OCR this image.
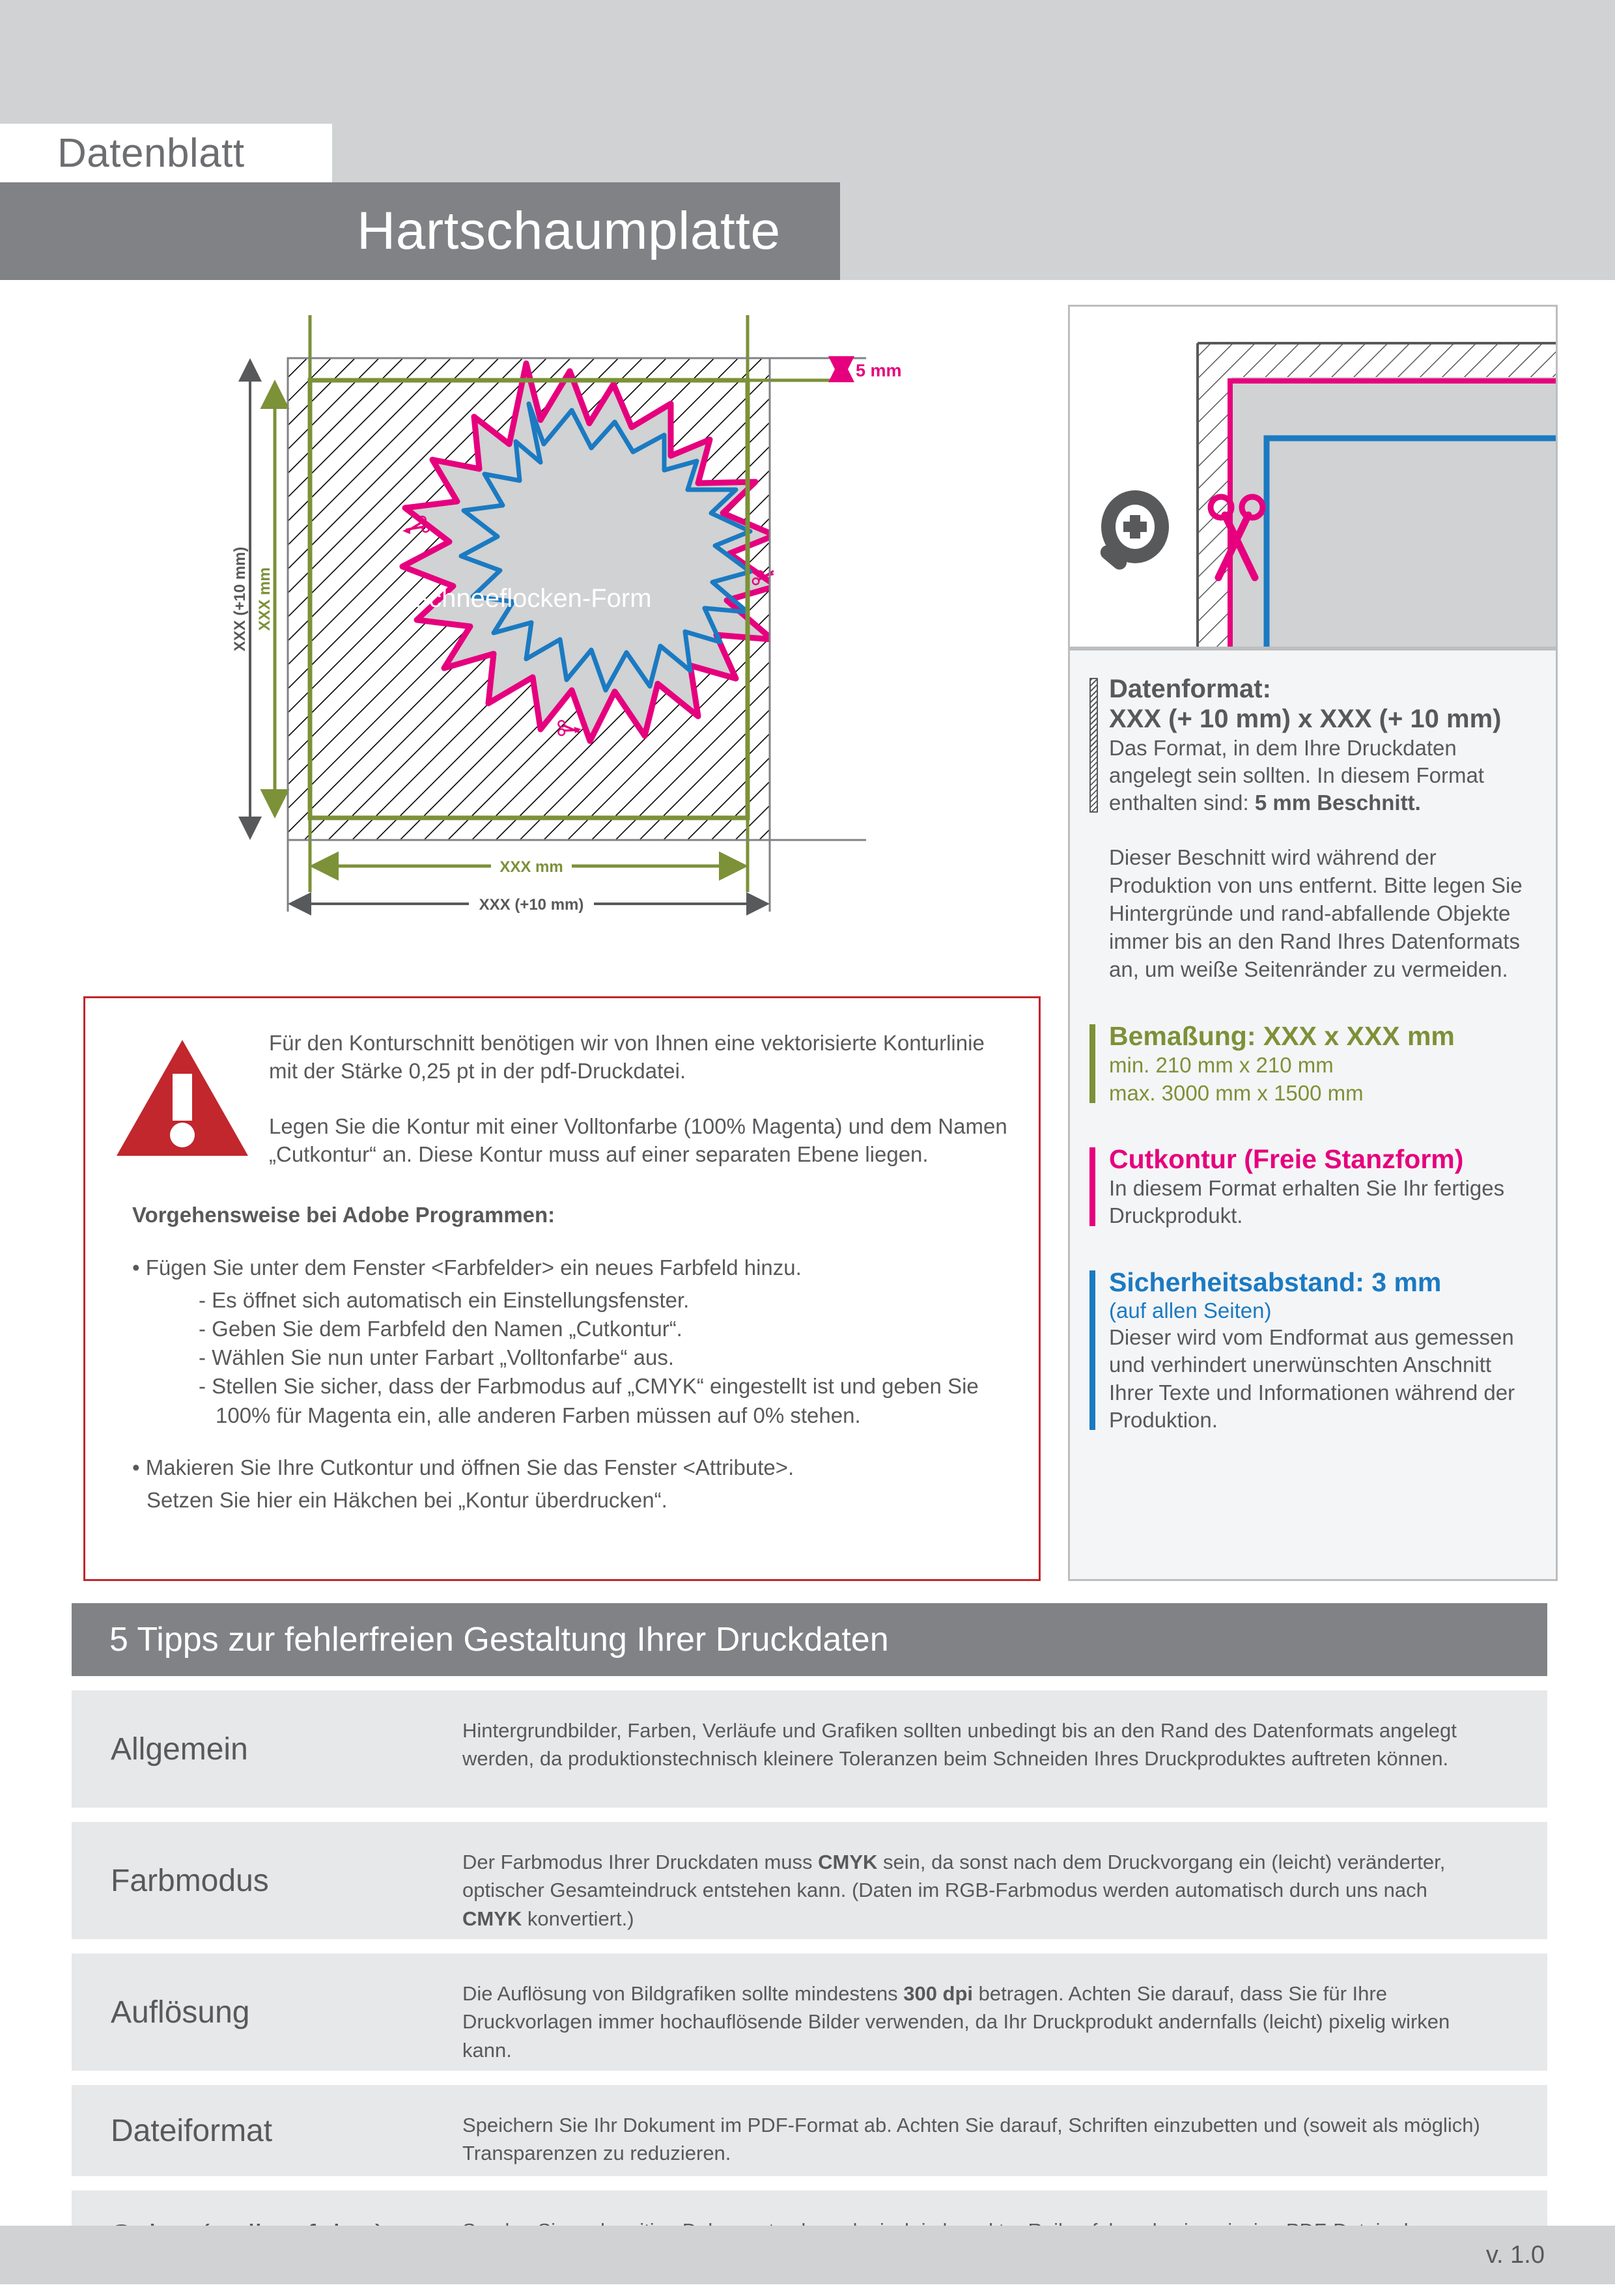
Datenblatt
Hartschaumplatte
5 mm
XXX mm
XXX (+10 mm)
XXX mm
XXX (+10 mm)
Schneeflocken-Form
Datenformat:
XXX (+ 10 mm) x XXX (+ 10 mm)
Das Format, in dem Ihre Druckdaten angelegt sein sollten. In diesem Format enthalten sind: 5 mm Beschnitt.
Dieser Beschnitt wird während der Produktion von uns entfernt. Bitte legen Sie Hintergründe und rand-abfallende Objekte immer bis an den Rand Ihres Datenformats an, um weiße Seitenränder zu vermeiden.
Bemaßung: XXX x XXX mm
min. 210 mm x 210 mm
max. 3000 mm x 1500 mm
Cutkontur (Freie Stanzform)
In diesem Format erhalten Sie Ihr fertiges Druckprodukt.
Sicherheitsabstand: 3 mm
(auf allen Seiten)
Dieser wird vom Endformat aus gemessen und verhindert unerwünschten Anschnitt Ihrer Texte und Informationen während der Produktion.

Für den Konturschnitt benötigen wir von Ihnen eine vektorisierte Konturlinie mit der Stärke 0,25 pt in der pdf-Druckdatei.

Legen Sie die Kontur mit einer Volltonfarbe (100% Magenta) und dem Namen „Cutkontur“ an. Diese Kontur muss auf einer separaten Ebene liegen.

Vorgehensweise bei Adobe Programmen:
• Fügen Sie unter dem Fenster <Farbfelder> ein neues Farbfeld hinzu.
- Es öffnet sich automatisch ein Einstellungsfenster.
- Geben Sie dem Farbfeld den Namen „Cutkontur“.
- Wählen Sie nun unter Farbart „Volltonfarbe“ aus.
- Stellen Sie sicher, dass der Farbmodus auf „CMYK“ eingestellt ist und geben Sie
100% für Magenta ein, alle anderen Farben müssen auf 0% stehen.
• Makieren Sie Ihre Cutkontur und öffnen Sie das Fenster <Attribute>.
Setzen Sie hier ein Häkchen bei „Kontur überdrucken“.
5 Tipps zur fehlerfreien Gestaltung Ihrer Druckdaten
Allgemein
Hintergrundbilder, Farben, Verläufe und Grafiken sollten unbedingt bis an den Rand des Datenformats angelegt werden, da produktionstechnisch kleinere Toleranzen beim Schneiden Ihres Druckproduktes auftreten können.
Farbmodus
Der Farbmodus Ihrer Druckdaten muss CMYK sein, da sonst nach dem Druckvorgang ein (leicht) veränderter, optischer Gesamteindruck entstehen kann. (Daten im RGB-Farbmodus werden automatisch durch uns nach CMYK konvertiert.)
Auflösung
Die Auflösung von Bildgrafiken sollte mindestens 300 dpi betragen. Achten Sie darauf, dass Sie für Ihre Druckvorlagen immer hochauflösende Bilder verwenden, da Ihr Druckprodukt andernfalls (leicht) pixelig wirken kann.
Dateiformat	Speichern Sie Ihr Dokument im PDF-Format ab. Achten Sie darauf, Schriften einzubetten und (soweit als möglich) Transparenzen zu reduzieren.
v. 1.0
